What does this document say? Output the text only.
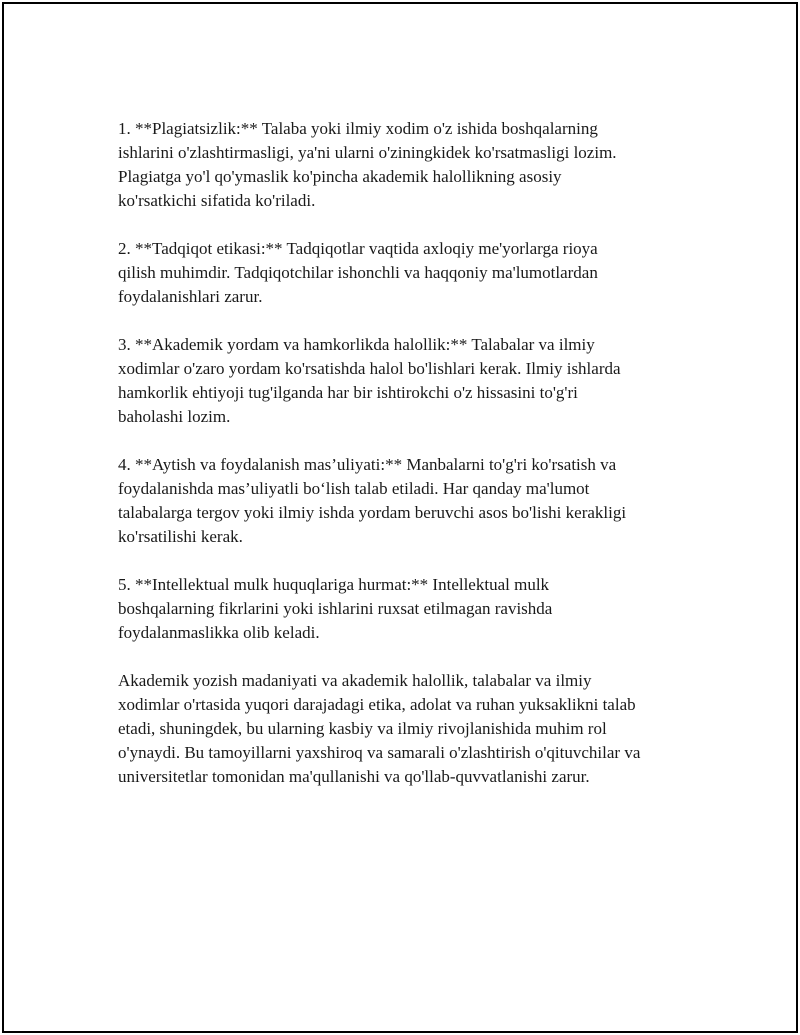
1. **Plagiatsizlik:** Talaba yoki ilmiy xodim o'z ishida boshqalarning
ishlarini o'zlashtirmasligi, ya'ni ularni o'ziningkidek ko'rsatmasligi lozim.
Plagiatga yo'l qo'ymaslik ko'pincha akademik halollikning asosiy
ko'rsatkichi sifatida ko'riladi.
2. **Tadqiqot etikasi:** Tadqiqotlar vaqtida axloqiy me'yorlarga rioya
qilish muhimdir. Tadqiqotchilar ishonchli va haqqoniy ma'lumotlardan
foydalanishlari zarur.
3. **Akademik yordam va hamkorlikda halollik:** Talabalar va ilmiy
xodimlar o'zaro yordam ko'rsatishda halol bo'lishlari kerak. Ilmiy ishlarda
hamkorlik ehtiyoji tug'ilganda har bir ishtirokchi o'z hissasini to'g'ri
baholashi lozim.
4. **Aytish va foydalanish mas’uliyati:** Manbalarni to'g'ri ko'rsatish va
foydalanishda mas’uliyatli bo‘lish talab etiladi. Har qanday ma'lumot
talabalarga tergov yoki ilmiy ishda yordam beruvchi asos bo'lishi kerakligi
ko'rsatilishi kerak.
5. **Intellektual mulk huquqlariga hurmat:** Intellektual mulk
boshqalarning fikrlarini yoki ishlarini ruxsat etilmagan ravishda
foydalanmaslikka olib keladi.
Akademik yozish madaniyati va akademik halollik, talabalar va ilmiy
xodimlar o'rtasida yuqori darajadagi etika, adolat va ruhan yuksaklikni talab
etadi, shuningdek, bu ularning kasbiy va ilmiy rivojlanishida muhim rol
o'ynaydi. Bu tamoyillarni yaxshiroq va samarali o'zlashtirish o'qituvchilar va
universitetlar tomonidan ma'qullanishi va qo'llab-quvvatlanishi zarur.
